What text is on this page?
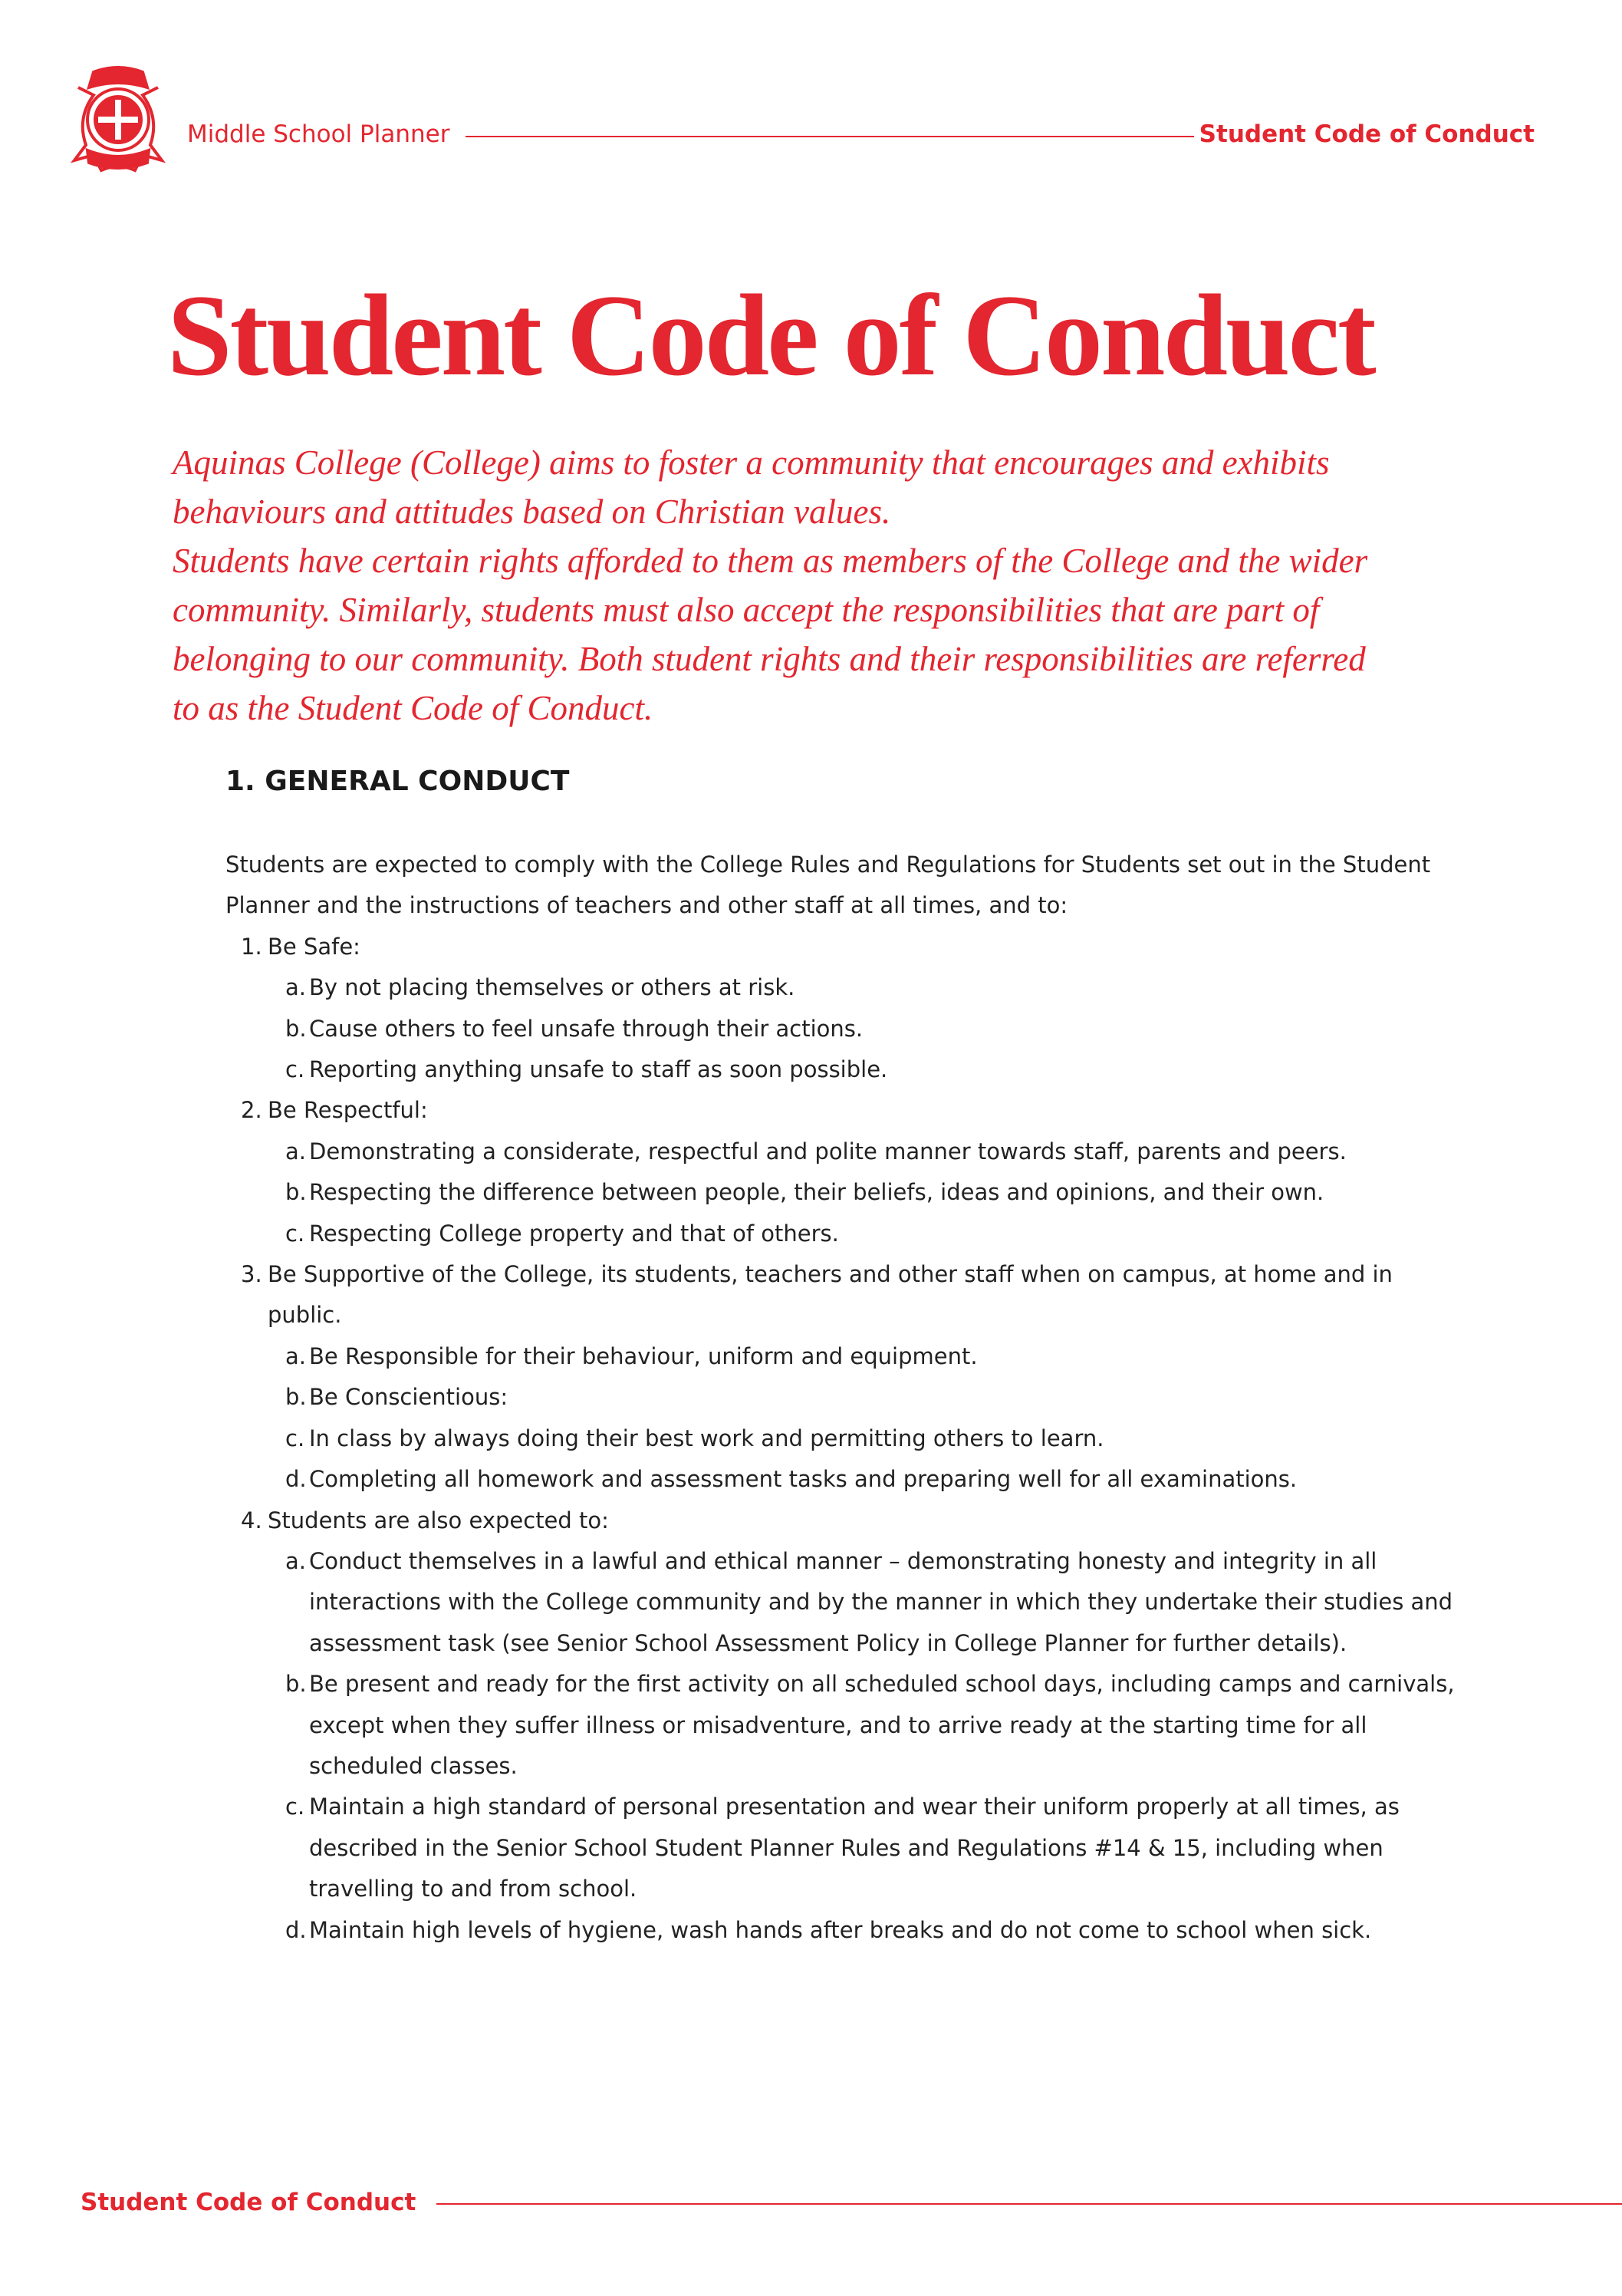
Middle School Planner	Student Code of Conduct
Student Code of Conduct

Aquinas College (College) aims to foster a community that encourages and exhibits behaviours and attitudes based on Christian values.

Students have certain rights afforded to them as members of the College and the wider community. Similarly, students must also accept the responsibilities that are part of belonging to our community. Both student rights and their responsibilities are referred to as the Student Code of Conduct.

1. GENERAL CONDUCT

Students are expected to comply with the College Rules and Regulations for Students set out in the Student Planner and the instructions of teachers and other staff at all times, and to:

1. Be Safe:
a. By not placing themselves or others at risk.
b. Cause others to feel unsafe through their actions.
c. Reporting anything unsafe to staff as soon possible.
2. Be Respectful:
a. Demonstrating a considerate, respectful and polite manner towards staff, parents and peers.
b. Respecting the difference between people, their beliefs, ideas and opinions, and their own.
c. Respecting College property and that of others.
3. Be Supportive of the College, its students, teachers and other staff when on campus, at home and in public.
a. Be Responsible for their behaviour, uniform and equipment.
b. Be Conscientious:
c. In class by always doing their best work and permitting others to learn.
d. Completing all homework and assessment tasks and preparing well for all examinations.
4. Students are also expected to:
a. Conduct themselves in a lawful and ethical manner – demonstrating honesty and integrity in all interactions with the College community and by the manner in which they undertake their studies and assessment task (see Senior School Assessment Policy in College Planner for further details).
b. Be present and ready for the first activity on all scheduled school days, including camps and carnivals, except when they suffer illness or misadventure, and to arrive ready at the starting time for all scheduled classes.
c. Maintain a high standard of personal presentation and wear their uniform properly at all times, as described in the Senior School Student Planner Rules and Regulations #14 & 15, including when travelling to and from school.
d. Maintain high levels of hygiene, wash hands after breaks and do not come to school when sick.
Student Code of Conduct
